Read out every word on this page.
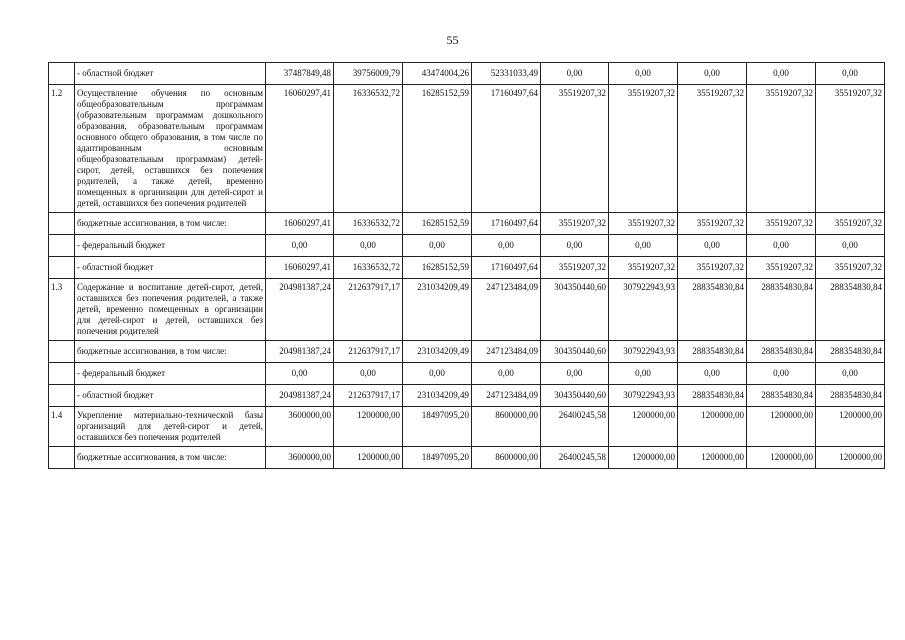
55
	- областной бюджет	37487849,48	39756009,79	43474004,26	52331033,49	0,00	0,00	0,00	0,00	0,00
1.2	Осуществление обучения по основным общеобразовательным программам (образовательным программам дошкольного образования, образовательным программам основного общего образования, в том числе по адаптированным основным общеобразовательным программам) детей-сирот, детей, оставшихся без попечения родителей, а также детей, временно помещенных в организации для детей-сирот и детей, оставшихся без попечения родителей	16060297,41	16336532,72	16285152,59	17160497,64	35519207,32	35519207,32	35519207,32	35519207,32	35519207,32
	бюджетные ассигнования, в том числе:	16060297,41	16336532,72	16285152,59	17160497,64	35519207,32	35519207,32	35519207,32	35519207,32	35519207,32
	- федеральный бюджет	0,00	0,00	0,00	0,00	0,00	0,00	0,00	0,00	0,00
	- областной бюджет	16060297,41	16336532,72	16285152,59	17160497,64	35519207,32	35519207,32	35519207,32	35519207,32	35519207,32
1.3	Содержание и воспитание детей-сирот, детей, оставшихся без попечения родителей, а также детей, временно помещенных в организации для детей-сирот и детей, оставшихся без попечения родителей	204981387,24	212637917,17	231034209,49	247123484,09	304350440,60	307922943,93	288354830,84	288354830,84	288354830,84
	бюджетные ассигнования, в том числе:	204981387,24	212637917,17	231034209,49	247123484,09	304350440,60	307922943,93	288354830,84	288354830,84	288354830,84
	- федеральный бюджет	0,00	0,00	0,00	0,00	0,00	0,00	0,00	0,00	0,00
	- областной бюджет	204981387,24	212637917,17	231034209,49	247123484,09	304350440,60	307922943,93	288354830,84	288354830,84	288354830,84
1.4	Укрепление материально-технической базы организаций для детей-сирот и детей, оставшихся без попечения родителей	3600000,00	1200000,00	18497095,20	8600000,00	26400245,58	1200000,00	1200000,00	1200000,00	1200000,00
	бюджетные ассигнования, в том числе:	3600000,00	1200000,00	18497095,20	8600000,00	26400245,58	1200000,00	1200000,00	1200000,00	1200000,00
